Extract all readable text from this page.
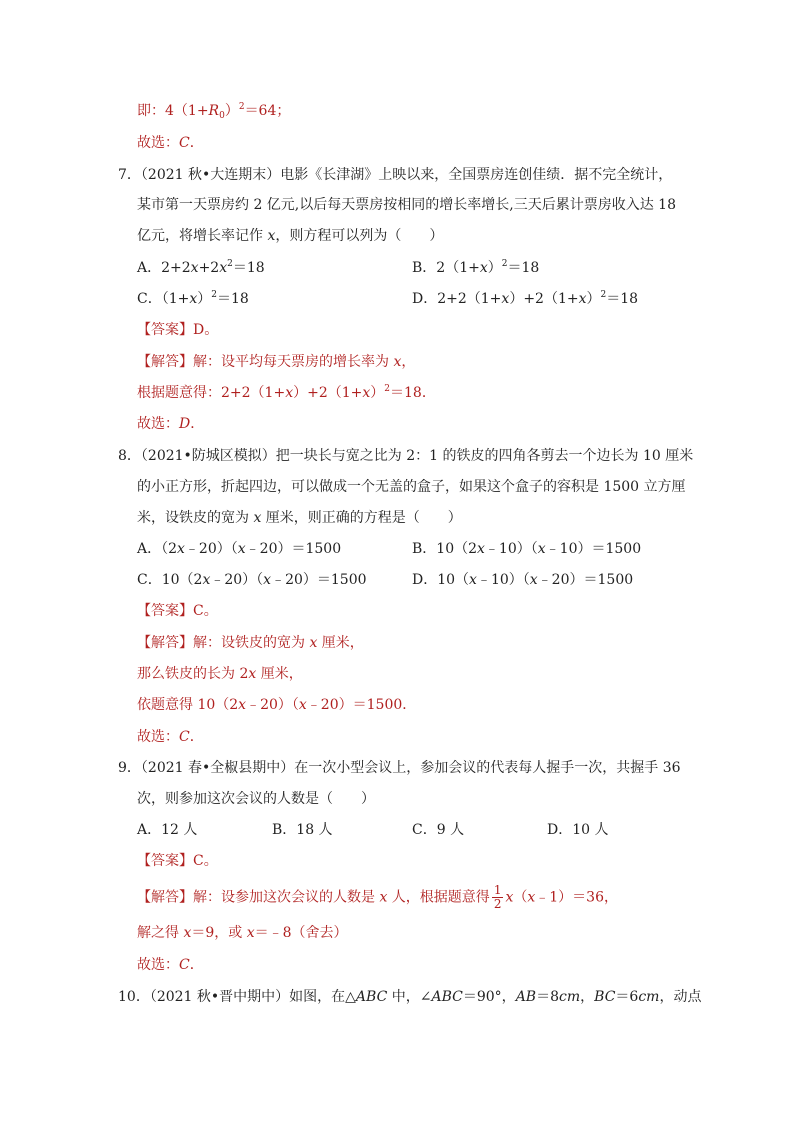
即：$4(1+R_0)^2=64$；
故选：C．
7．（2021 秋•大连期末）电影《长津湖》上映以来，全国票房连创佳绩．据不完全统计，
某市第一天票房约 2 亿元,以后每天票房按相同的增长率增长,三天后累计票房收入达 18
亿元，将增长率记作 x，则方程可以列为（　　）
A．$2+2x+2x^2=18$	B．$2(1+x)^2=18$
C．$(1+x)^2=18$	D．$2+2(1+x)+2(1+x)^2=18$
【答案】D。
【解答】解：设平均每天票房的增长率为 x，
根据题意得：$2+2(1+x)+2(1+x)^2=18$．
故选：D．
8．（2021•防城区模拟）把一块长与宽之比为 2：1 的铁皮的四角各剪去一个边长为 10 厘米
的小正方形，折起四边，可以做成一个无盖的盒子，如果这个盒子的容积是 1500 立方厘
米，设铁皮的宽为 x 厘米，则正确的方程是（　　）
A．（2x﹣20）（x﹣20）＝1500	B．10（2x﹣10）（x﹣10）＝1500
C．10（2x﹣20）（x﹣20）＝1500	D．10（x﹣10）（x﹣20）＝1500
【答案】C。
【解答】解：设铁皮的宽为 x 厘米，
那么铁皮的长为 2x 厘米，
依题意得 10（2x﹣20）（x﹣20）＝1500．
故选：C．
9．（2021 春•全椒县期中）在一次小型会议上，参加会议的代表每人握手一次，共握手 36
次，则参加这次会议的人数是（　　）
A．12 人	B．18 人	C．9 人	D．10 人
【答案】C。
【解答】解：设参加这次会议的人数是 x 人，根据题意得 $\frac{1}{2}$ x（x﹣1）＝36，
解之得 x＝9，或 x＝﹣8（舍去）
故选：C．
10．（2021 秋•晋中期中）如图，在△ABC 中，∠ABC＝90°，AB＝8cm，BC＝6cm，动点
